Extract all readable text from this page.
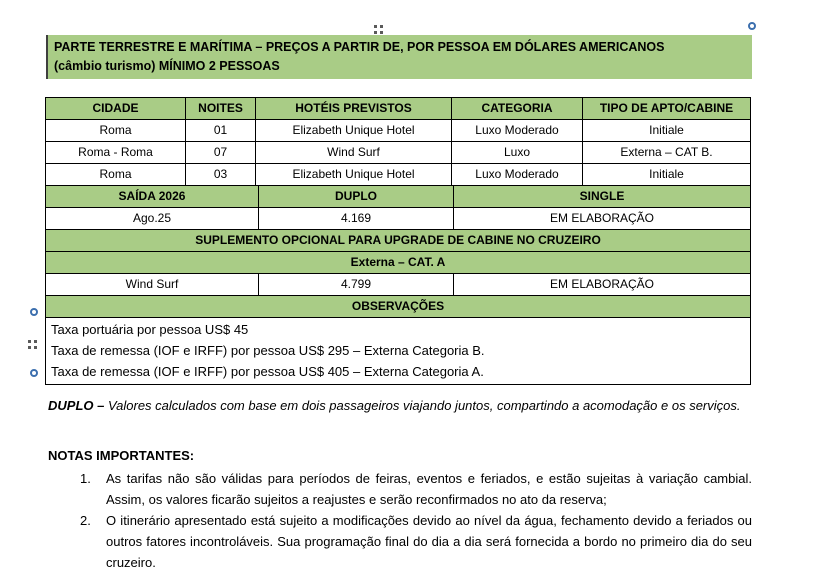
PARTE TERRESTRE E MARÍTIMA – PREÇOS A PARTIR DE, POR PESSOA EM DÓLARES AMERICANOS
(câmbio turismo) MÍNIMO 2 PESSOAS
CIDADE	NOITES	HOTÉIS PREVISTOS	CATEGORIA	TIPO DE APTO/CABINE
Roma	01	Elizabeth Unique Hotel	Luxo Moderado	Initiale
Roma - Roma	07	Wind Surf	Luxo	Externa – CAT B.
Roma	03	Elizabeth Unique Hotel	Luxo Moderado	Initiale
SAÍDA 2026	DUPLO	SINGLE
Ago.25	4.169	EM ELABORAÇÃO
SUPLEMENTO OPCIONAL PARA UPGRADE DE CABINE NO CRUZEIRO
Externa – CAT. A
Wind Surf	4.799	EM ELABORAÇÃO
OBSERVAÇÕES
Taxa portuária por pessoa US$ 45
Taxa de remessa (IOF e IRFF) por pessoa US$ 295 – Externa Categoria B.
Taxa de remessa (IOF e IRFF) por pessoa US$ 405 – Externa Categoria A.
DUPLO – Valores calculados com base em dois passageiros viajando juntos, compartindo a acomodação e os serviços.
NOTAS IMPORTANTES:
1.	As tarifas não são válidas para períodos de feiras, eventos e feriados, e estão sujeitas à variação cambial. Assim, os valores ficarão sujeitos a reajustes e serão reconfirmados no ato da reserva;
2.	O itinerário apresentado está sujeito a modificações devido ao nível da água, fechamento devido a feriados ou outros fatores incontroláveis. Sua programação final do dia a dia será fornecida a bordo no primeiro dia do seu cruzeiro.
